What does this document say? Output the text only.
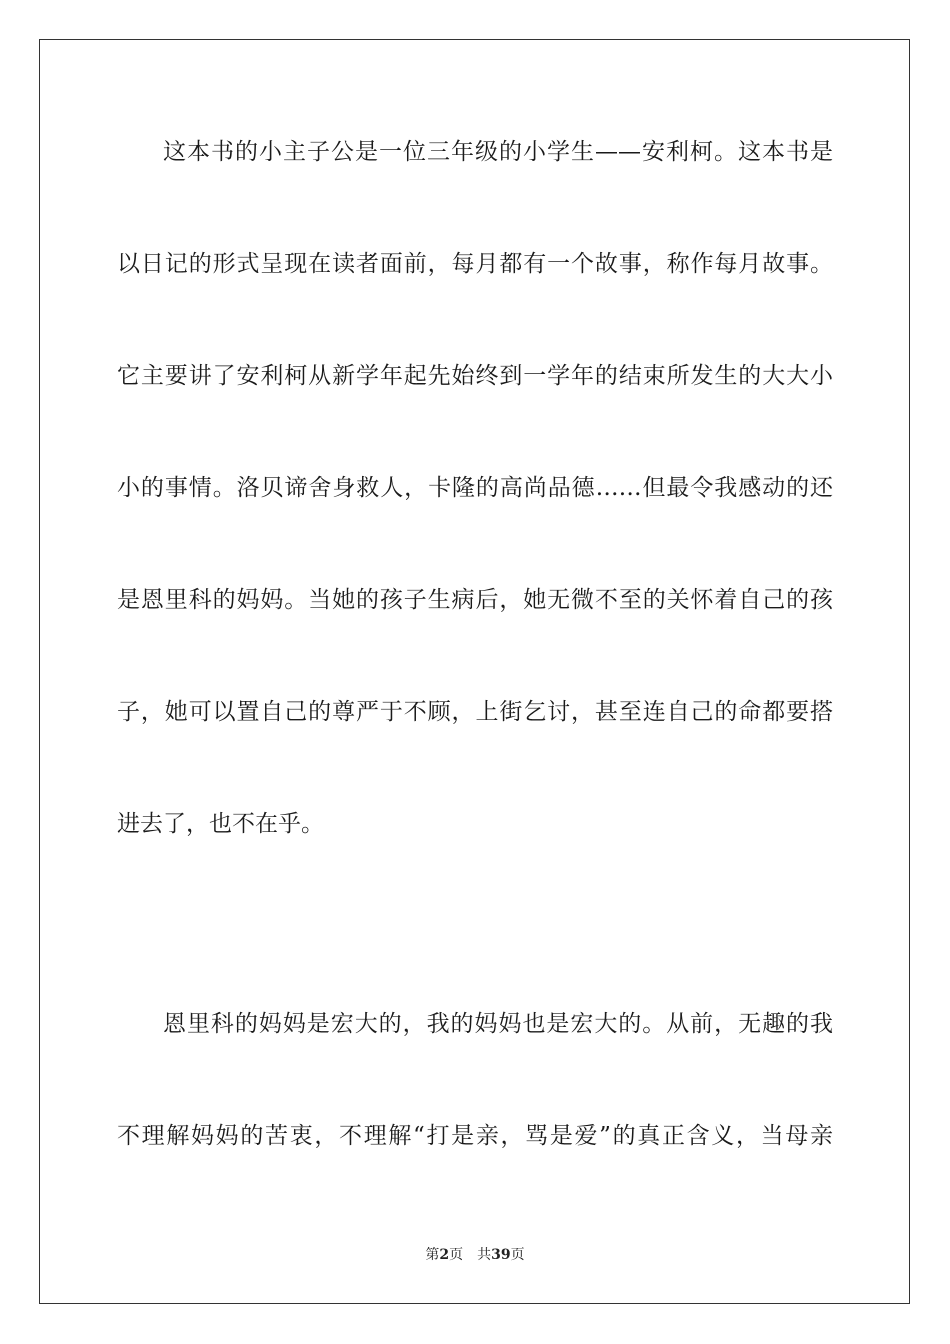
这本书的小主子公是一位三年级的小学生——安利柯。这本书是
以日记的形式呈现在读者面前，每月都有一个故事，称作每月故事。
它主要讲了安利柯从新学年起先始终到一学年的结束所发生的大大小
小的事情。洛贝谛舍身救人，卡隆的高尚品德……但最令我感动的还
是恩里科的妈妈。当她的孩子生病后，她无微不至的关怀着自己的孩
子，她可以置自己的尊严于不顾，上街乞讨，甚至连自己的命都要搭
进去了，也不在乎。
恩里科的妈妈是宏大的，我的妈妈也是宏大的。从前，无趣的我
不理解妈妈的苦衷，不理解“打是亲，骂是爱”的真正含义，当母亲
第2页 共39页
